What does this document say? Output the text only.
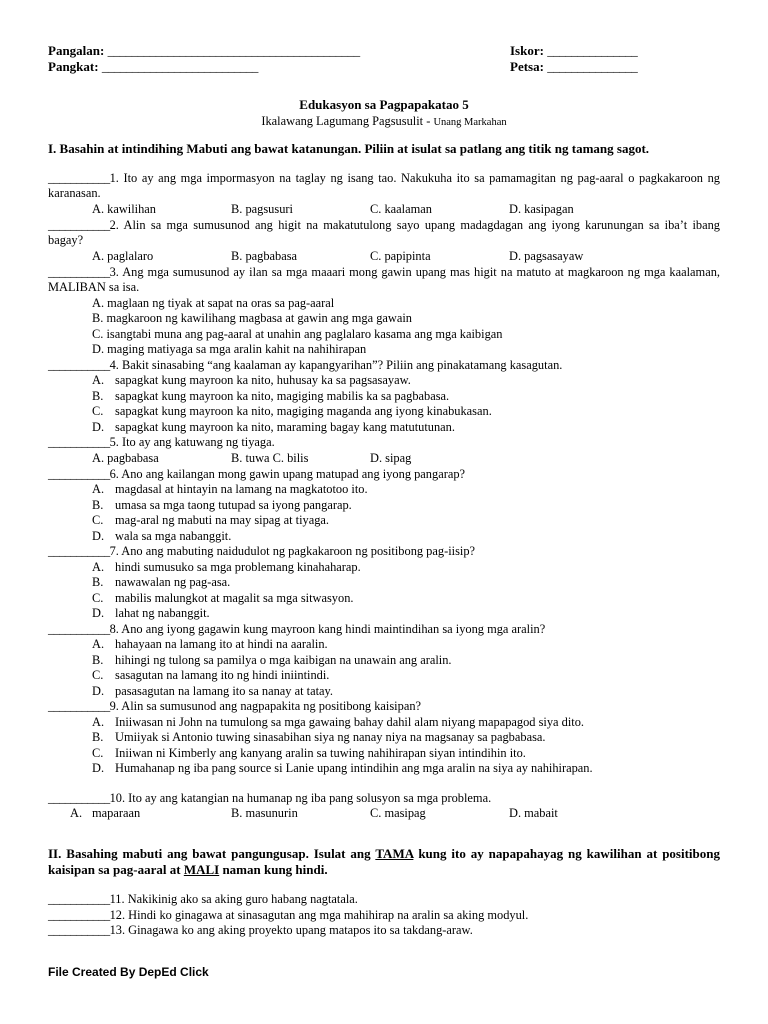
Pangalan: __________________________________________	Iskor: _______________
Pangkat: __________________________	Petsa: _______________
Edukasyon sa Pagpapakatao 5
Ikalawang Lagumang Pagsusulit - Unang Markahan
I. Basahin at intindihing Mabuti ang bawat katanungan. Piliin at isulat sa patlang ang titik ng tamang sagot.
___________1. Ito ay ang mga impormasyon na taglay ng isang tao. Nakukuha ito sa pamamagitan ng pag-aaral o pagkakaroon ng karanasan.
A. kawilihan	B. pagsusuri	C. kaalaman	D. kasipagan
___________2. Alin sa mga sumusunod ang higit na makatutulong sayo upang madagdagan ang iyong karunungan sa iba’t ibang bagay?
A. paglalaro	B. pagbabasa	C. papipinta	D. pagsasayaw
___________3. Ang mga sumusunod ay ilan sa mga maaari mong gawin upang mas higit na matuto at magkaroon ng mga kaalaman, MALIBAN sa isa.
A. maglaan ng tiyak at sapat na oras sa pag-aaral
B. magkaroon ng kawilihang magbasa at gawin ang mga gawain
C. isangtabi muna ang pag-aaral at unahin ang paglalaro kasama ang mga kaibigan
D. maging matiyaga sa mga aralin kahit na nahihirapan
___________4. Bakit sinasabing “ang kaalaman ay kapangyarihan”? Piliin ang pinakatamang kasagutan.
A. sapagkat kung mayroon ka nito, huhusay ka sa pagsasayaw.
B. sapagkat kung mayroon ka nito, magiging mabilis ka sa pagbabasa.
C. sapagkat kung mayroon ka nito, magiging maganda ang iyong kinabukasan.
D. sapagkat kung mayroon ka nito, maraming bagay kang matututunan.
___________5. Ito ay ang katuwang ng tiyaga.
A. pagbabasa	B. tuwa C. bilis	D. sipag
___________6. Ano ang kailangan mong gawin upang matupad ang iyong pangarap?
A. magdasal at hintayin na lamang na magkatotoo ito.
B. umasa sa mga taong tutupad sa iyong pangarap.
C. mag-aral ng mabuti na may sipag at tiyaga.
D. wala sa mga nabanggit.
___________7. Ano ang mabuting naidudulot ng pagkakaroon ng positibong pag-iisip?
A. hindi sumusuko sa mga problemang kinahaharap.
B. nawawalan ng pag-asa.
C. mabilis malungkot at magalit sa mga sitwasyon.
D. lahat ng nabanggit.
___________8. Ano ang iyong gagawin kung mayroon kang hindi maintindihan sa iyong mga aralin?
A. hahayaan na lamang ito at hindi na aaralin.
B. hihingi ng tulong sa pamilya o mga kaibigan na unawain ang aralin.
C. sasagutan na lamang ito ng hindi iniintindi.
D. pasasagutan na lamang ito sa nanay at tatay.
___________9. Alin sa sumusunod ang nagpapakita ng positibong kaisipan?
A. Iniiwasan ni John na tumulong sa mga gawaing bahay dahil alam niyang mapapagod siya dito.
B. Umiiyak si Antonio tuwing sinasabihan siya ng nanay niya na magsanay sa pagbabasa.
C. Iniiwan ni Kimberly ang kanyang aralin sa tuwing nahihirapan siyan intindihin ito.
D. Humahanap ng iba pang source si Lanie upang intindihin ang mga aralin na siya ay nahihirapan.
___________10. Ito ay ang katangian na humanap ng iba pang solusyon sa mga problema.
A. maparaan	B. masunurin	C. masipag	D. mabait
II. Basahing mabuti ang bawat pangungusap. Isulat ang TAMA kung ito ay napapahayag ng kawilihan at positibong kaisipan sa pag-aaral at MALI naman kung hindi.
___________11. Nakikinig ako sa aking guro habang nagtatala.
___________12. Hindi ko ginagawa at sinasagutan ang mga mahihirap na aralin sa aking modyul.
___________13. Ginagawa ko ang aking proyekto upang matapos ito sa takdang-araw.
File Created By DepEd Click
